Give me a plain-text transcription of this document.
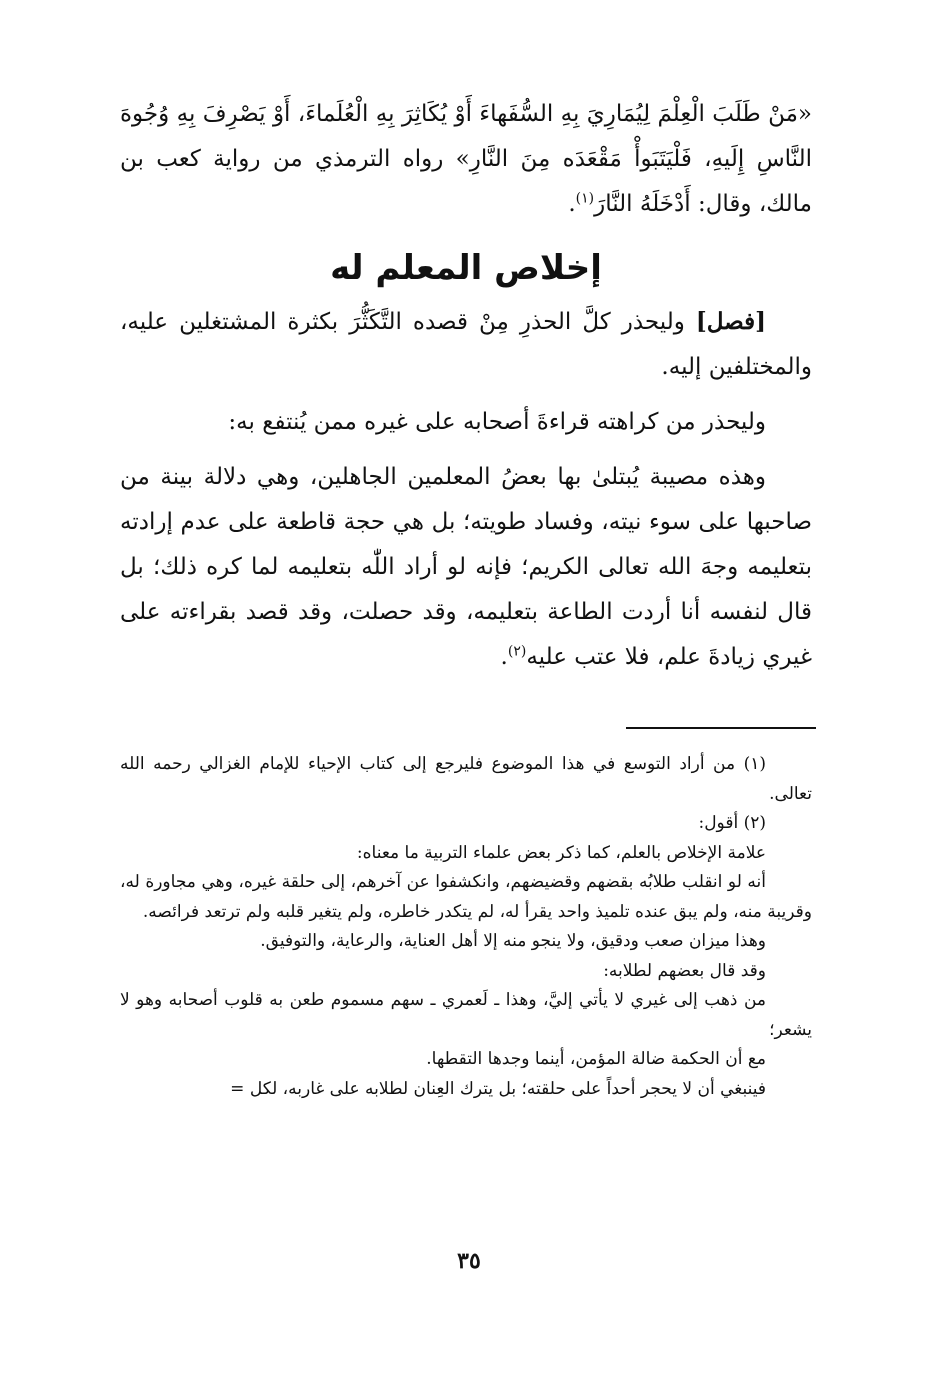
«مَنْ طَلَبَ الْعِلْمَ لِيُمَارِيَ بِهِ السُّفَهاءَ أَوْ يُكَاثِرَ بِهِ الْعُلَماءَ، أَوْ يَصْرِفَ بِهِ وُجُوهَ النَّاسِ إِلَيهِ، فَلْيَتَبَوأْ مَقْعَدَه مِنَ النَّارِ» رواه الترمذي من رواية كعب بن مالك، وقال: أَدْخَلَهُ النَّارَ$^{(١)}$.

إخلاص المعلم له

[فصل] وليحذر كلَّ الحذرِ مِنْ قصده التَّكَثُّرَ بكثرة المشتغلين عليه، والمختلفين إليه.

وليحذر من كراهته قراءةَ أصحابه على غيره ممن يُنتفع به:

وهذه مصيبة يُبتلىٰ بها بعضُ المعلمين الجاهلين، وهي دلالة بينة من صاحبها على سوء نيته، وفساد طويته؛ بل هي حجة قاطعة على عدم إرادته بتعليمه وجهَ الله تعالى الكريم؛ فإنه لو أراد اللّٰه بتعليمه لما كره ذلك؛ بل قال لنفسه أنا أردت الطاعة بتعليمه، وقد حصلت، وقد قصد بقراءته على غيري زيادةَ علم، فلا عتب عليه$^{(٢)}$.

(١) من أراد التوسع في هذا الموضوع فليرجع إلى كتاب الإحياء للإمام الغزالي رحمه الله تعالى.

(٢) أقول:

علامة الإخلاص بالعلم، كما ذكر بعض علماء التربية ما معناه:

أنه لو انقلب طلابُه بقضهم وقضيضهم، وانكشفوا عن آخرهم، إلى حلقة غيره، وهي مجاورة له، وقريبة منه، ولم يبق عنده تلميذ واحد يقرأ له، لم يتكدر خاطره، ولم يتغير قلبه ولم ترتعد فرائصه.

وهذا ميزان صعب ودقيق، ولا ينجو منه إلا أهل العناية، والرعاية، والتوفيق.

وقد قال بعضهم لطلابه:

من ذهب إلى غيري لا يأتي إليَّ، وهذا ـ لَعمري ـ سهم مسموم طعن به قلوب أصحابه وهو لا يشعر؛

مع أن الحكمة ضالة المؤمن، أينما وجدها التقطها.

فينبغي أن لا يحجر أحداً على حلقته؛ بل يترك العِنان لطلابه على غاربه، لكل =

٣٥
